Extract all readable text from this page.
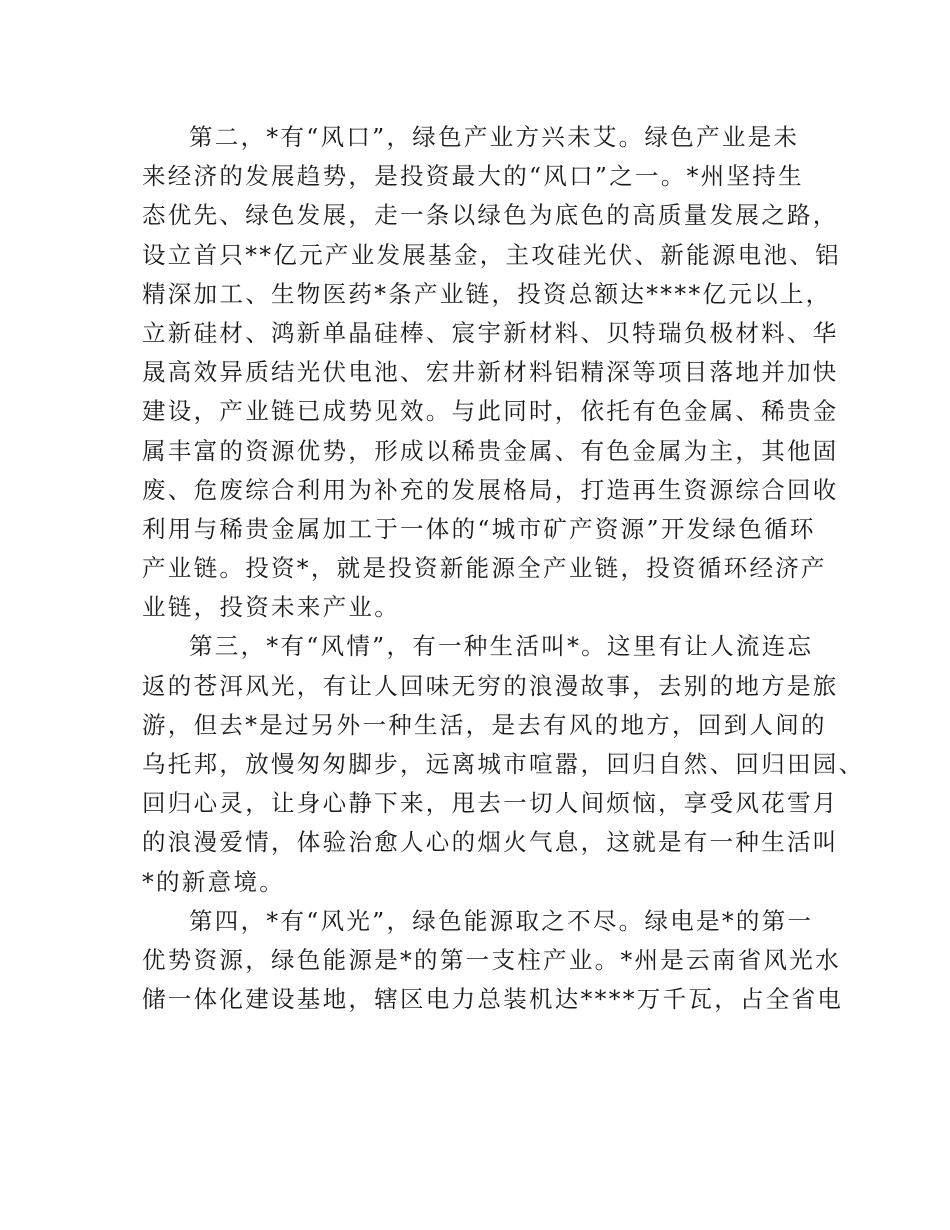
第二，*有“风口”，绿色产业方兴未艾。绿色产业是未
来经济的发展趋势，是投资最大的“风口”之一。*州坚持生
态优先、绿色发展，走一条以绿色为底色的高质量发展之路，
设立首只**亿元产业发展基金，主攻硅光伏、新能源电池、铝
精深加工、生物医药*条产业链，投资总额达****亿元以上，
立新硅材、鸿新单晶硅棒、宸宇新材料、贝特瑞负极材料、华
晟高效异质结光伏电池、宏井新材料铝精深等项目落地并加快
建设，产业链已成势见效。与此同时，依托有色金属、稀贵金
属丰富的资源优势，形成以稀贵金属、有色金属为主，其他固
废、危废综合利用为补充的发展格局，打造再生资源综合回收
利用与稀贵金属加工于一体的“城市矿产资源”开发绿色循环
产业链。投资*，就是投资新能源全产业链，投资循环经济产
业链，投资未来产业。
第三，*有“风情”，有一种生活叫*。这里有让人流连忘
返的苍洱风光，有让人回味无穷的浪漫故事，去别的地方是旅
游，但去*是过另外一种生活，是去有风的地方，回到人间的
乌托邦，放慢匆匆脚步，远离城市喧嚣，回归自然、回归田园、
回归心灵，让身心静下来，甩去一切人间烦恼，享受风花雪月
的浪漫爱情，体验治愈人心的烟火气息，这就是有一种生活叫
*的新意境。
第四，*有“风光”，绿色能源取之不尽。绿电是*的第一
优势资源，绿色能源是*的第一支柱产业。*州是云南省风光水
储一体化建设基地，辖区电力总装机达****万千瓦，占全省电
